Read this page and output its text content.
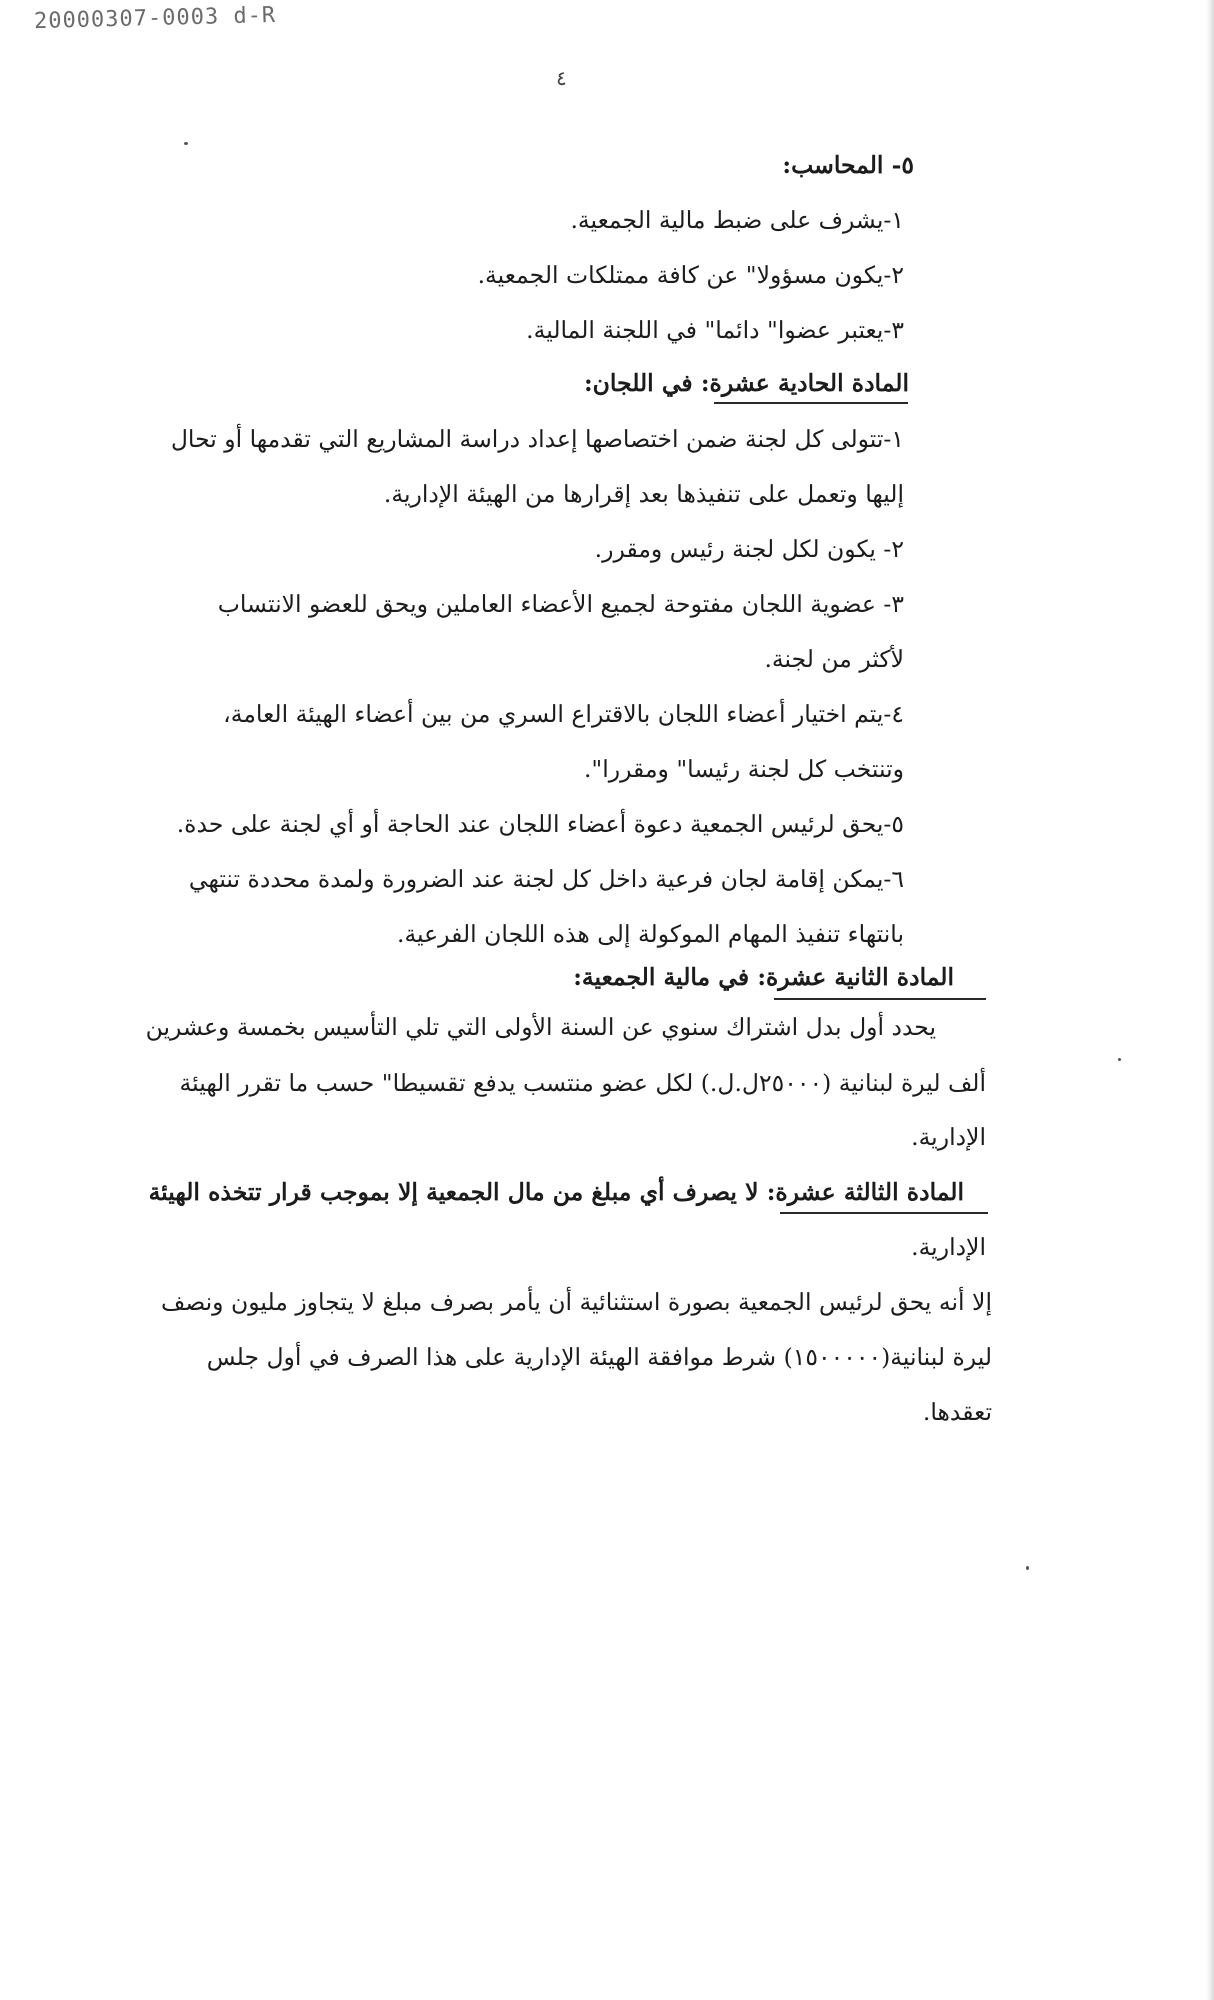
20000307-0003 d-R
٤
٥- المحاسب:
١-يشرف على ضبط مالية الجمعية.
٢-يكون مسؤولا" عن كافة ممتلكات الجمعية.
٣-يعتبر عضوا" دائما" في اللجنة المالية.
المادة الحادية عشرة: في اللجان:
١-تتولى كل لجنة ضمن اختصاصها إعداد دراسة المشاريع التي تقدمها أو تحال
إليها وتعمل على تنفيذها بعد إقرارها من الهيئة الإدارية.
٢- يكون لكل لجنة رئيس ومقرر.
٣- عضوية اللجان مفتوحة لجميع الأعضاء العاملين ويحق للعضو الانتساب
لأكثر من لجنة.
٤-يتم اختيار أعضاء اللجان بالاقتراع السري من بين أعضاء الهيئة العامة،
وتنتخب كل لجنة رئيسا" ومقررا".
٥-يحق لرئيس الجمعية دعوة أعضاء اللجان عند الحاجة أو أي لجنة على حدة.
٦-يمكن إقامة لجان فرعية داخل كل لجنة عند الضرورة ولمدة محددة تنتهي
بانتهاء تنفيذ المهام الموكولة إلى هذه اللجان الفرعية.
المادة الثانية عشرة: في مالية الجمعية:
يحدد أول بدل اشتراك سنوي عن السنة الأولى التي تلي التأسيس بخمسة وعشرين
ألف ليرة لبنانية (٢٥٠٠٠ل.ل.) لكل عضو منتسب يدفع تقسيطا" حسب ما تقرر الهيئة
الإدارية.
المادة الثالثة عشرة: لا يصرف أي مبلغ من مال الجمعية إلا بموجب قرار تتخذه الهيئة
الإدارية.
إلا أنه يحق لرئيس الجمعية بصورة استثنائية أن يأمر بصرف مبلغ لا يتجاوز مليون ونصف
ليرة لبنانية(١٥٠٠٠٠٠) شرط موافقة الهيئة الإدارية على هذا الصرف في أول جلس
تعقدها.
